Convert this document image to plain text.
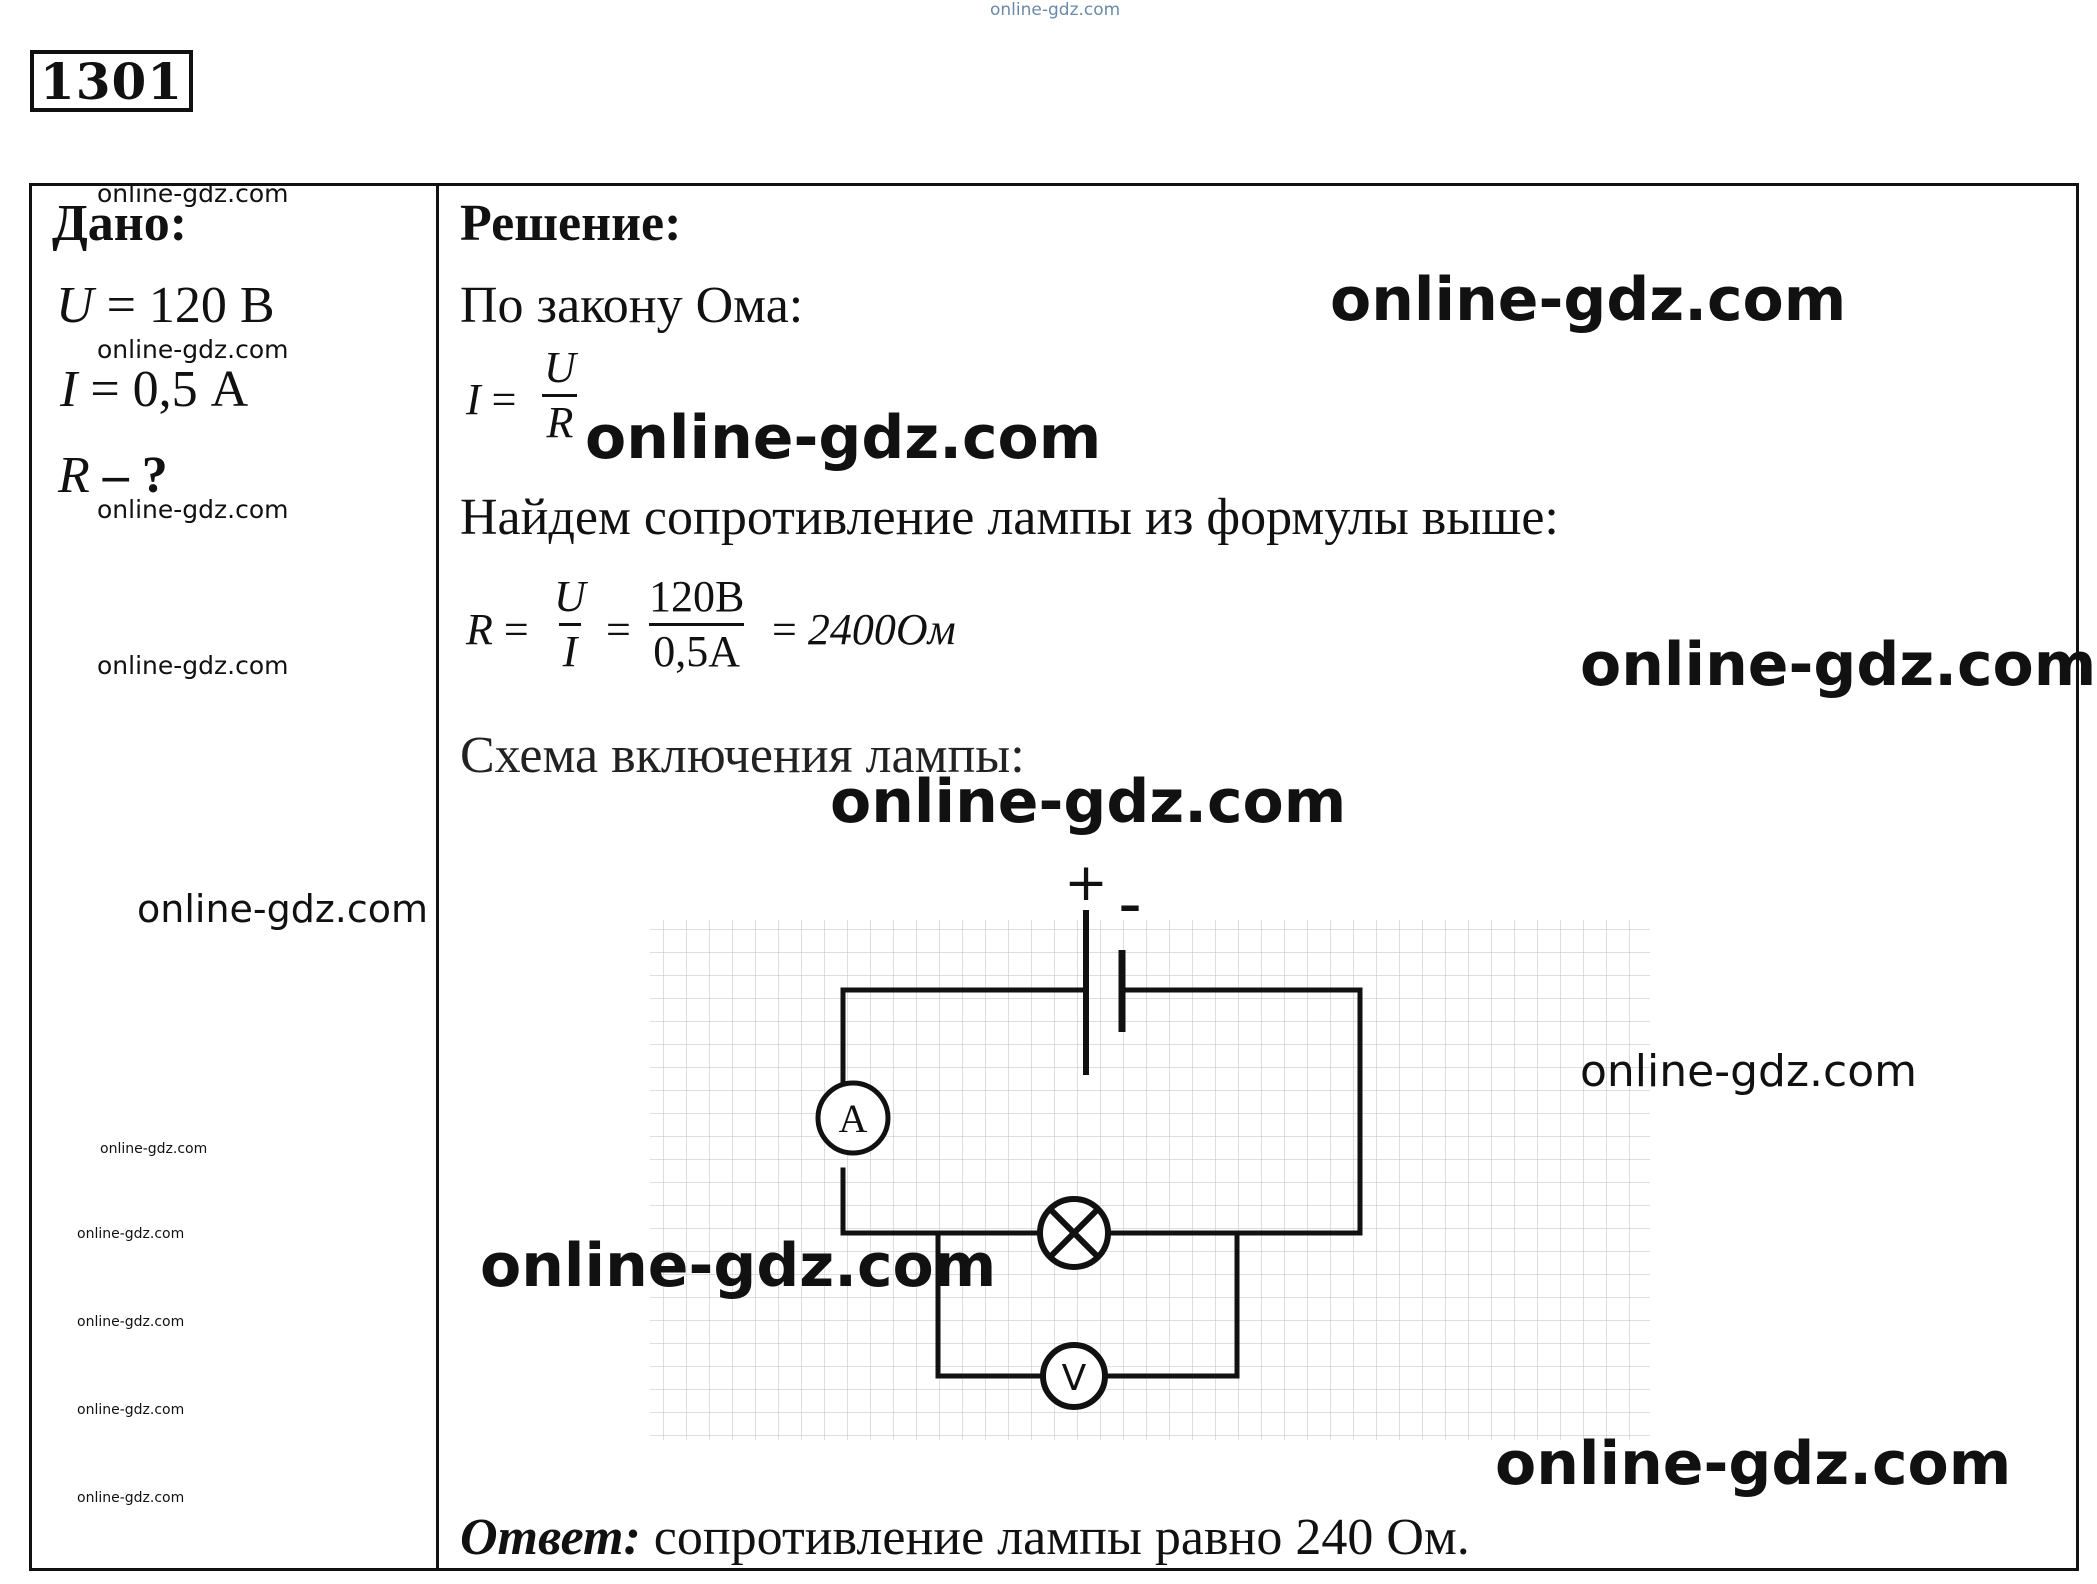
1301
Дано:
U = 120 В
I = 0,5 А
R – ?
Решение:
По закону Ома:
$I = \frac{U}{R}$
Найдем сопротивление лампы из формулы выше:
$R = \frac{U}{I} = \frac{120B}{0,5A} = 2400Ом$
Схема включения лампы:
+ –
A
V
Ответ: сопротивление лампы равно 240 Ом.
online-gdz.com
online-gdz.com
online-gdz.com
online-gdz.com
online-gdz.com
online-gdz.com
online-gdz.com
online-gdz.com
online-gdz.com
online-gdz.com
online-gdz.com
online-gdz.com
online-gdz.com
online-gdz.com
online-gdz.com
online-gdz.com
online-gdz.com
online-gdz.com
